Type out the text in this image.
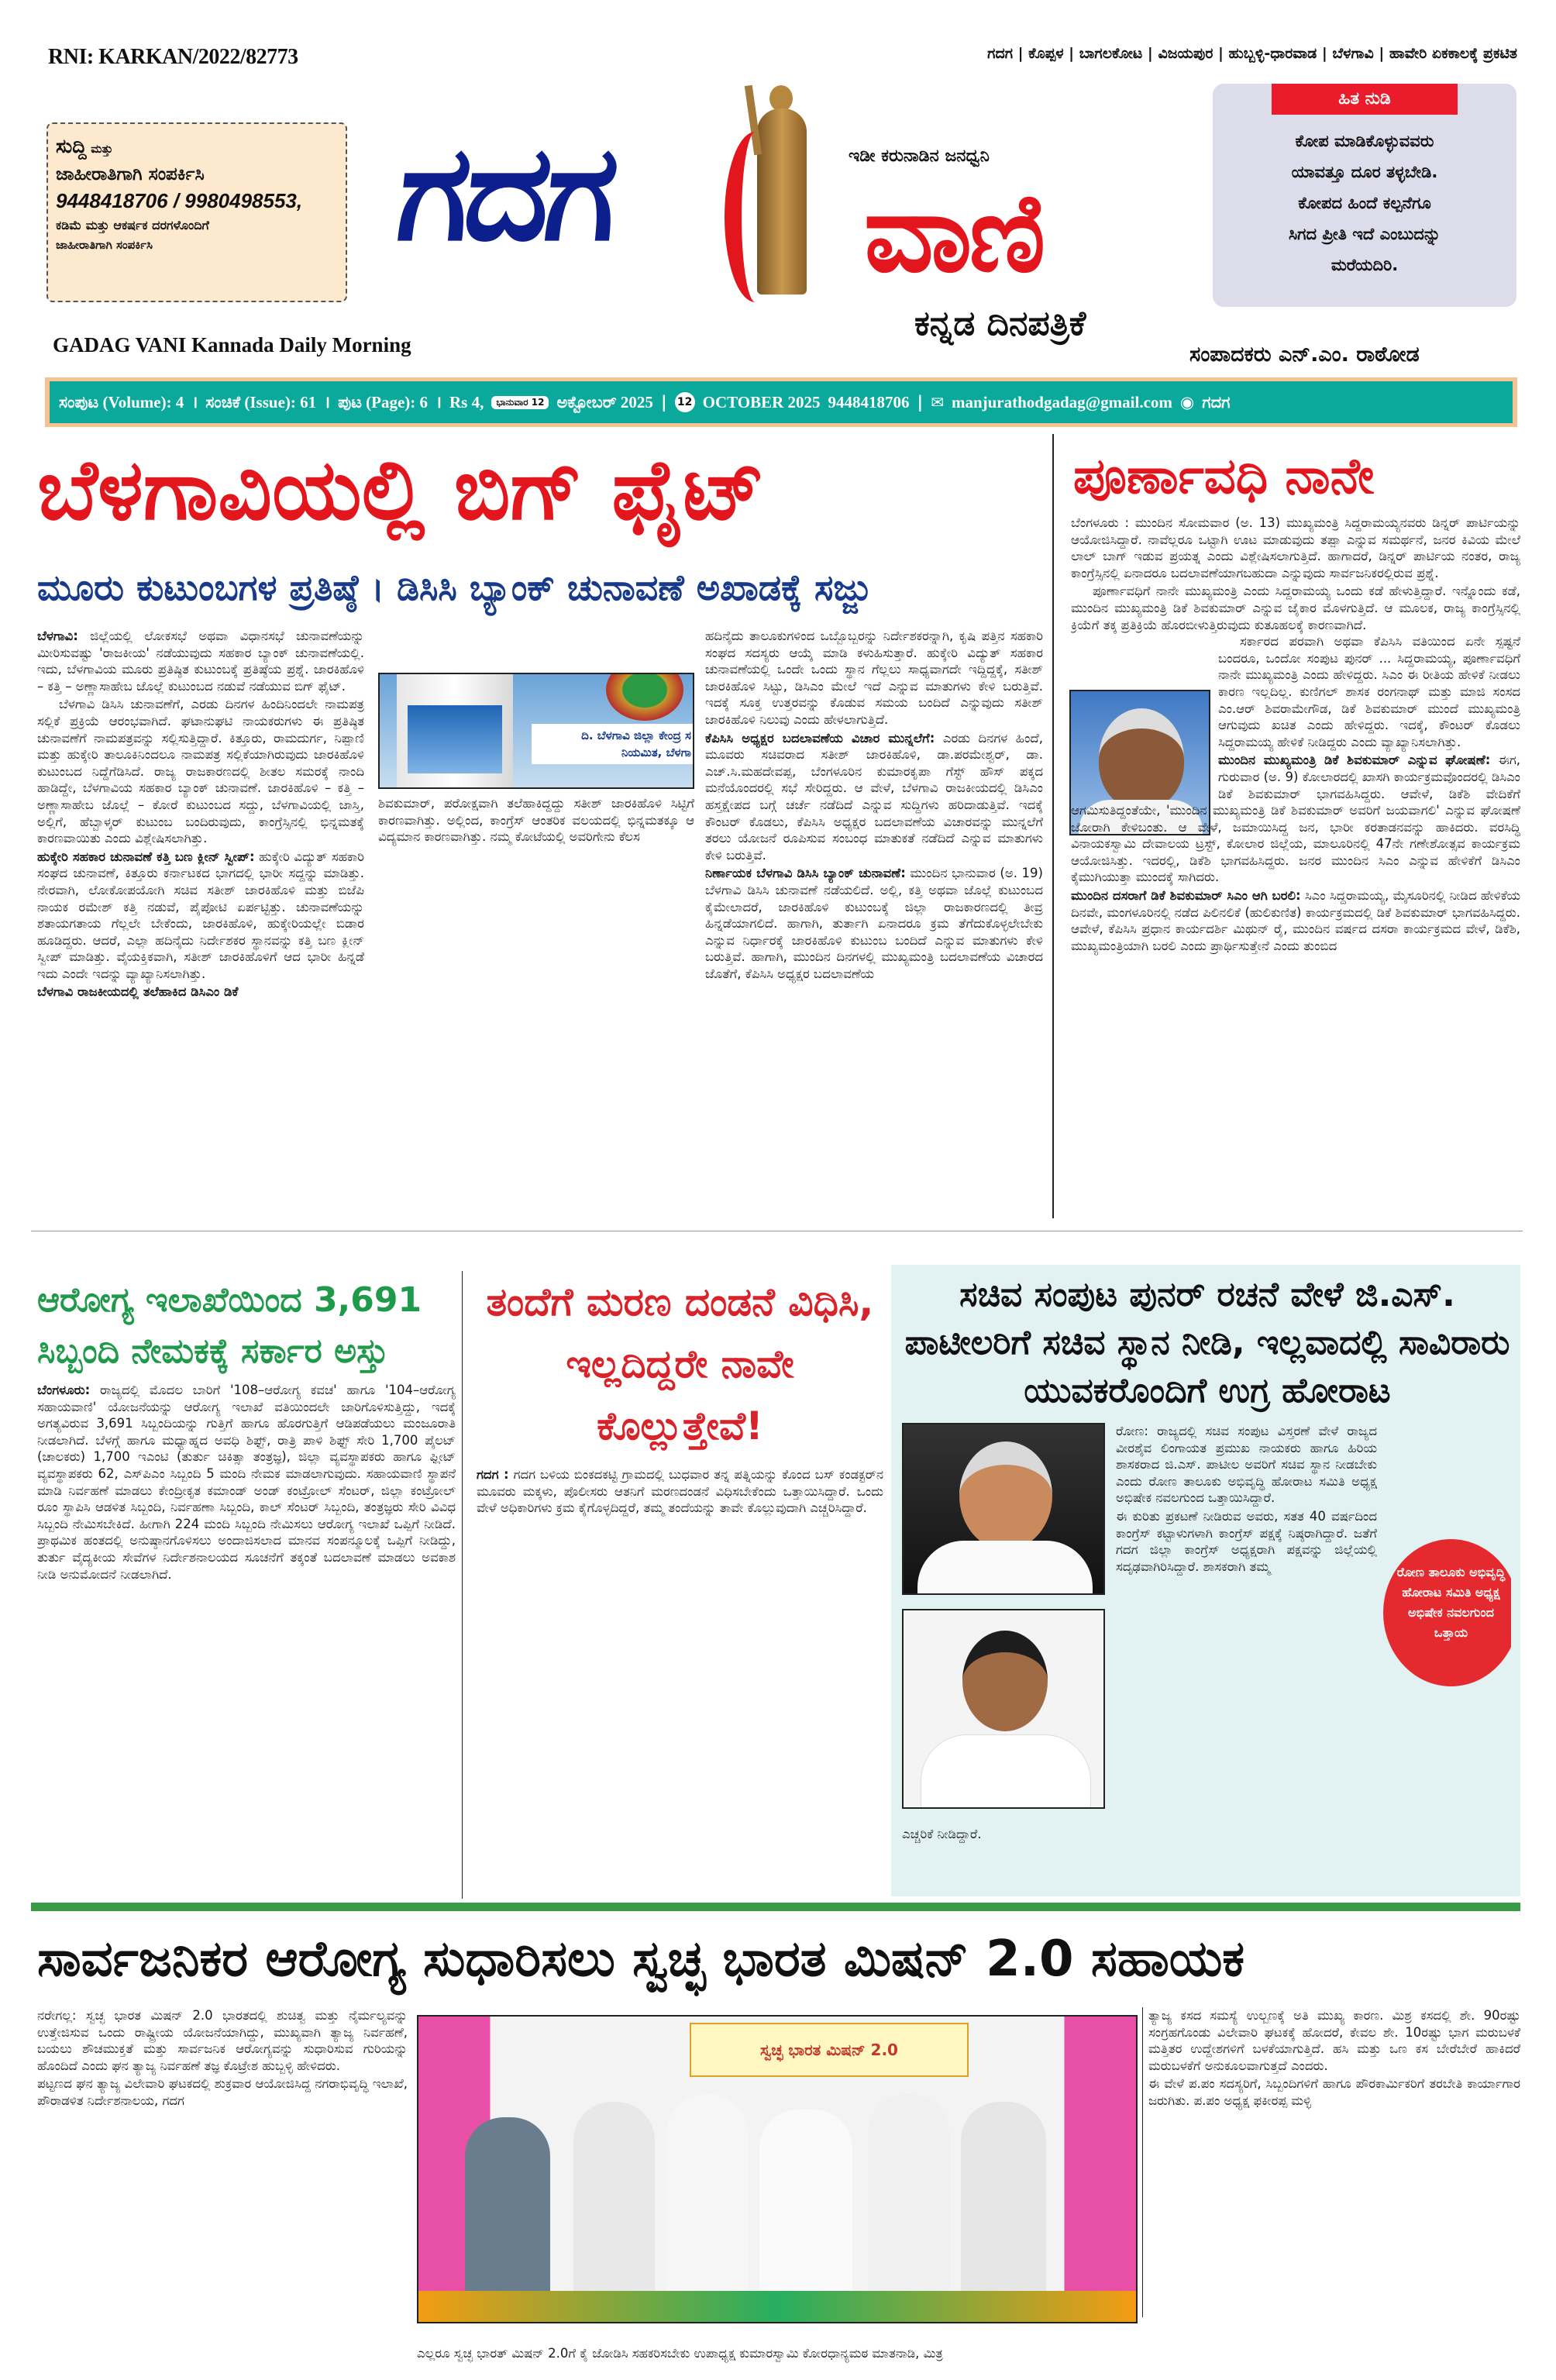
RNI: KARKAN/2022/82773	ಗದಗ | ಕೊಪ್ಪಳ | ಬಾಗಲಕೋಟ | ವಿಜಯಪುರ | ಹುಬ್ಬಳ್ಳಿ-ಧಾರವಾಡ | ಬೆಳಗಾವಿ | ಹಾವೇರಿ ಏಕಕಾಲಕ್ಕೆ ಪ್ರಕಟಿತ
ಸುದ್ದಿ ಮತ್ತು
ಜಾಹೀರಾತಿಗಾಗಿ ಸಂಪರ್ಕಿಸಿ
9448418706 / 9980498553,
ಕಡಿಮೆ ಮತ್ತು ಆಕರ್ಷಕ ದರಗಳೊಂದಿಗೆ
ಜಾಹೀರಾತಿಗಾಗಿ ಸಂಪರ್ಕಿಸಿ	ಗದಗ	ಇಡೀ ಕರುನಾಡಿನ ಜನಧ್ವನಿ
ವಾಣಿ
ಕನ್ನಡ ದಿನಪತ್ರಿಕೆ
ಹಿತ ನುಡಿ
ಕೋಪ ಮಾಡಿಕೊಳ್ಳುವವರು
ಯಾವತ್ತೂ ದೂರ ತಳ್ಳಬೇಡಿ.
ಕೋಪದ ಹಿಂದೆ ಕಲ್ಪನೆಗೂ
ಸಿಗದ ಪ್ರೀತಿ ಇದೆ ಎಂಬುದನ್ನು
ಮರೆಯದಿರಿ.
GADAG VANI Kannada Daily Morning	ಸಂಪಾದಕರು ಎನ್.ಎಂ. ರಾಠೋಡ
ಸಂಪುಟ (Volume): 4 । ಸಂಚಿಕೆ (Issue): 61 । ಪುಟ (Page): 6 । Rs 4,	ಭಾನುವಾರ 12 ಅಕ್ಟೋಬರ್ 2025 | 12 OCTOBER 2025 9448418706 | ✉ manjurathodgadag@gmail.com ◉ ಗದಗ
ಬೆಳಗಾವಿಯಲ್ಲಿ ಬಿಗ್ ಫೈಟ್
ಮೂರು ಕುಟುಂಬಗಳ ಪ್ರತಿಷ್ಠೆ । ಡಿಸಿಸಿ ಬ್ಯಾಂಕ್ ಚುನಾವಣೆ ಅಖಾಡಕ್ಕೆ ಸಜ್ಜು

ಬೆಳಗಾವಿ: ಜಿಲ್ಲೆಯಲ್ಲಿ ಲೋಕಸಭೆ ಅಥವಾ ವಿಧಾನಸಭೆ ಚುನಾವಣೆಯನ್ನು ಮೀರಿಸುವಷ್ಟು 'ರಾಜಕೀಯ' ನಡೆಯುವುದು ಸಹಕಾರ ಬ್ಯಾಂಕ್ ಚುನಾವಣೆಯಲ್ಲಿ. ಇದು, ಬೆಳಗಾವಿಯ ಮೂರು ಪ್ರತಿಷ್ಠಿತ ಕುಟುಂಬಕ್ಕೆ ಪ್ರತಿಷ್ಠೆಯ ಪ್ರಶ್ನೆ. ಜಾರಕಿಹೊಳಿ – ಕತ್ತಿ – ಅಣ್ಣಾಸಾಹೇಬ ಜೊಲ್ಲೆ ಕುಟುಂಬದ ನಡುವೆ ನಡೆಯುವ ಬಿಗ್ ಫೈಟ್.

ಬೆಳಗಾವಿ ಡಿಸಿಸಿ ಚುನಾವಣೆಗೆ, ಎರಡು ದಿನಗಳ ಹಿಂದಿನಿಂದಲೇ ನಾಮಪತ್ರ ಸಲ್ಲಿಕೆ ಪ್ರಕ್ರಿಯೆ ಆರಂಭವಾಗಿದೆ. ಘಟಾನುಘಟಿ ನಾಯಕರುಗಳು ಈ ಪ್ರತಿಷ್ಠಿತ ಚುನಾವಣೆಗೆ ನಾಮಪತ್ರವನ್ನು ಸಲ್ಲಿಸುತ್ತಿದ್ದಾರೆ. ಕಿತ್ತೂರು, ರಾಮದುರ್ಗ, ನಿಪ್ಪಾಣಿ ಮತ್ತು ಹುಕ್ಕೇರಿ ತಾಲೂಕಿನಿಂದಲೂ ನಾಮಪತ್ರ ಸಲ್ಲಿಕೆಯಾಗಿರುವುದು ಜಾರಕಿಹೊಳಿ ಕುಟುಂಬದ ನಿದ್ದೆಗೆಡಿಸಿದೆ. ರಾಜ್ಯ ರಾಜಕಾರಣದಲ್ಲಿ ಶೀತಲ ಸಮರಕ್ಕೆ ನಾಂದಿ ಹಾಡಿದ್ದೇ, ಬೆಳಗಾವಿಯ ಸಹಕಾರ ಬ್ಯಾಂಕ್ ಚುನಾವಣೆ. ಜಾರಕಿಹೊಳಿ – ಕತ್ತಿ – ಅಣ್ಣಾಸಾಹೇಬ ಜೊಲ್ಲೆ – ಕೋರೆ ಕುಟುಂಬದ ಸದ್ದು, ಬೆಳಗಾವಿಯಲ್ಲಿ ಜಾಸ್ತಿ, ಅಲ್ಲಿಗೆ, ಹೆಬ್ಬಾಳ್ಕರ್ ಕುಟುಂಬ ಬಂದಿರುವುದು, ಕಾಂಗ್ರೆಸ್ಸಿನಲ್ಲಿ ಭಿನ್ನಮತಕ್ಕೆ ಕಾರಣವಾಯಿತು ಎಂದು ವಿಶ್ಲೇಷಿಸಲಾಗಿತ್ತು.

ಹುಕ್ಕೇರಿ ಸಹಕಾರ ಚುನಾವಣೆ ಕತ್ತಿ ಬಣ ಕ್ಲೀನ್ ಸ್ವೀಪ್: ಹುಕ್ಕೇರಿ ವಿದ್ಯುತ್ ಸಹಕಾರಿ ಸಂಘದ ಚುನಾವಣೆ, ಕಿತ್ತೂರು ಕರ್ನಾಟಕದ ಭಾಗದಲ್ಲಿ ಭಾರೀ ಸದ್ದನ್ನು ಮಾಡಿತ್ತು. ನೇರವಾಗಿ, ಲೋಕೋಪಯೋಗಿ ಸಚಿವ ಸತೀಶ್ ಜಾರಕಿಹೊಳಿ ಮತ್ತು ಬಿಜೆಪಿ ನಾಯಕ ರಮೇಶ್ ಕತ್ತಿ ನಡುವೆ, ಪೈಪೋಟಿ ಏರ್ಪಟ್ಟಿತ್ತು. ಚುನಾವಣೆಯನ್ನು ಶತಾಯಗತಾಯ ಗೆಲ್ಲಲೇ ಬೇಕೆಂದು, ಜಾರಕಿಹೊಳಿ, ಹುಕ್ಕೇರಿಯಲ್ಲೇ ಬಿಡಾರ ಹೂಡಿದ್ದರು. ಆದರೆ, ಎಲ್ಲಾ ಹದಿನೈದು ನಿರ್ದೇಶಕರ ಸ್ಥಾನವನ್ನು ಕತ್ತಿ ಬಣ ಕ್ಲೀನ್ ಸ್ವೀಪ್ ಮಾಡಿತ್ತು. ವೈಯಕ್ತಿಕವಾಗಿ, ಸತೀಶ್ ಜಾರಕಿಹೊಳಿಗೆ ಆದ ಭಾರೀ ಹಿನ್ನಡೆ ಇದು ಎಂದೇ ಇದನ್ನು ವ್ಯಾಖ್ಯಾನಿಸಲಾಗಿತ್ತು.

ಬೆಳಗಾವಿ ರಾಜಕೀಯದಲ್ಲಿ ತಲೆಹಾಕಿದ ಡಿಸಿಎಂ ಡಿಕೆ

ದಿ. ಬೆಳಗಾವಿ ಜಿಲ್ಲಾ ಕೇಂದ್ರ ಸ
ನಿಯಮಿತ, ಬೆಳಗಾ

ಶಿವಕುಮಾರ್, ಪರೋಕ್ಷವಾಗಿ ತಲೆಹಾಕಿದ್ದದ್ದು ಸತೀಶ್ ಜಾರಕಿಹೊಳಿ ಸಿಟ್ಟಿಗೆ ಕಾರಣವಾಗಿತ್ತು. ಅಲ್ಲಿಂದ, ಕಾಂಗ್ರೆಸ್ ಆಂತರಿಕ ವಲಯದಲ್ಲಿ ಭಿನ್ನಮತಕ್ಕೂ ಆ ವಿದ್ಯಮಾನ ಕಾರಣವಾಗಿತ್ತು. ನಮ್ಮ ಕೋಟೆಯಲ್ಲಿ ಅವರಿಗೇನು ಕೆಲಸ

ಹದಿನೈದು ತಾಲೂಕುಗಳಿಂದ ಒಬ್ಬೊಬ್ಬರನ್ನು ನಿರ್ದೇಶಕರನ್ನಾಗಿ, ಕೃಷಿ ಪತ್ತಿನ ಸಹಕಾರಿ ಸಂಘದ ಸದಸ್ಯರು ಆಯ್ಕೆ ಮಾಡಿ ಕಳುಹಿಸುತ್ತಾರೆ. ಹುಕ್ಕೇರಿ ವಿದ್ಯುತ್ ಸಹಕಾರ ಚುನಾವಣೆಯಲ್ಲಿ ಒಂದೇ ಒಂದು ಸ್ಥಾನ ಗೆಲ್ಲಲು ಸಾಧ್ಯವಾಗದೇ ಇದ್ದಿದ್ದಕ್ಕೆ, ಸತೀಶ್ ಜಾರಕಿಹೊಳಿ ಸಿಟ್ಟು, ಡಿಸಿಎಂ ಮೇಲೆ ಇದೆ ಎನ್ನುವ ಮಾತುಗಳು ಕೇಳಿ ಬರುತ್ತಿವೆ. ಇದಕ್ಕೆ ಸೂಕ್ತ ಉತ್ತರವನ್ನು ಕೊಡುವ ಸಮಯ ಬಂದಿದೆ ಎನ್ನುವುದು ಸತೀಶ್ ಜಾರಕಿಹೊಳಿ ನಿಲುವು ಎಂದು ಹೇಳಲಾಗುತ್ತಿದೆ.

ಕೆಪಿಸಿಸಿ ಅಧ್ಯಕ್ಷರ ಬದಲಾವಣೆಯ ವಿಚಾರ ಮುನ್ನಲೆಗೆ: ಎರಡು ದಿನಗಳ ಹಿಂದೆ, ಮೂವರು ಸಚಿವರಾದ ಸತೀಶ್ ಜಾರಕಿಹೊಳಿ, ಡಾ.ಪರಮೇಶ್ವರ್, ಡಾ. ಎಚ್.ಸಿ.ಮಹದೇವಪ್ಪ, ಬೆಂಗಳೂರಿನ ಕುಮಾರಕೃಪಾ ಗೆಸ್ಟ್ ಹೌಸ್ ಪಕ್ಕದ ಮನೆಯೊಂದರಲ್ಲಿ ಸಭೆ ಸೇರಿದ್ದರು. ಆ ವೇಳೆ, ಬೆಳಗಾವಿ ರಾಜಕೀಯದಲ್ಲಿ ಡಿಸಿಎಂ ಹಸ್ತಕ್ಷೇಪದ ಬಗ್ಗೆ ಚರ್ಚೆ ನಡೆದಿದೆ ಎನ್ನುವ ಸುದ್ದಿಗಳು ಹರಿದಾಡುತ್ತಿವೆ. ಇದಕ್ಕೆ ಕೌಂಟರ್ ಕೊಡಲು, ಕೆಪಿಸಿಸಿ ಅಧ್ಯಕ್ಷರ ಬದಲಾವಣೆಯ ವಿಚಾರವನ್ನು ಮುನ್ನಲೆಗೆ ತರಲು ಯೋಜನೆ ರೂಪಿಸುವ ಸಂಬಂಧ ಮಾತುಕತೆ ನಡೆದಿದೆ ಎನ್ನುವ ಮಾತುಗಳು ಕೇಳಿ ಬರುತ್ತಿವೆ.

ನಿರ್ಣಾಯಕ ಬೆಳಗಾವಿ ಡಿಸಿಸಿ ಬ್ಯಾಂಕ್ ಚುನಾವಣೆ: ಮುಂದಿನ ಭಾನುವಾರ (ಅ. 19) ಬೆಳಗಾವಿ ಡಿಸಿಸಿ ಚುನಾವಣೆ ನಡೆಯಲಿದೆ. ಅಲ್ಲಿ, ಕತ್ತಿ ಅಥವಾ ಜೊಲ್ಲೆ ಕುಟುಂಬದ ಕೈಮೇಲಾದರೆ, ಜಾರಕಿಹೊಳಿ ಕುಟುಂಬಕ್ಕೆ ಜಿಲ್ಲಾ ರಾಜಕಾರಣದಲ್ಲಿ ತೀವ್ರ ಹಿನ್ನಡೆಯಾಗಲಿದೆ. ಹಾಗಾಗಿ, ತುರ್ತಾಗಿ ಏನಾದರೂ ಕ್ರಮ ತೆಗೆದುಕೊಳ್ಳಲೇಬೇಕು ಎನ್ನುವ ನಿರ್ಧಾರಕ್ಕೆ ಜಾರಕಿಹೊಳಿ ಕುಟುಂಬ ಬಂದಿದೆ ಎನ್ನುವ ಮಾತುಗಳು ಕೇಳಿ ಬರುತ್ತಿವೆ. ಹಾಗಾಗಿ, ಮುಂದಿನ ದಿನಗಳಲ್ಲಿ ಮುಖ್ಯಮಂತ್ರಿ ಬದಲಾವಣೆಯ ವಿಚಾರದ ಜೊತೆಗೆ, ಕೆಪಿಸಿಸಿ ಅಧ್ಯಕ್ಷರ ಬದಲಾವಣೆಯ

ಪೂರ್ಣಾವಧಿ ನಾನೇ

ಬೆಂಗಳೂರು : ಮುಂದಿನ ಸೋಮವಾರ (ಅ. 13) ಮುಖ್ಯಮಂತ್ರಿ ಸಿದ್ದರಾಮಯ್ಯನವರು ಡಿನ್ನರ್ ಪಾರ್ಟಿಯನ್ನು ಆಯೋಜಿಸಿದ್ದಾರೆ. ನಾವೆಲ್ಲರೂ ಒಟ್ಟಾಗಿ ಊಟ ಮಾಡುವುದು ತಪ್ಪಾ ಎನ್ನುವ ಸಮರ್ಥನೆ, ಜನರ ಕಿವಿಯ ಮೇಲೆ ಲಾಲ್ ಬಾಗ್ ಇಡುವ ಪ್ರಯತ್ನ ಎಂದು ವಿಶ್ಲೇಷಿಸಲಾಗುತ್ತಿದೆ. ಹಾಗಾದರೆ, ಡಿನ್ನರ್ ಪಾರ್ಟಿಯ ನಂತರ, ರಾಜ್ಯ ಕಾಂಗ್ರೆಸ್ಸಿನಲ್ಲಿ ಏನಾದರೂ ಬದಲಾವಣೆಯಾಗಬಹುದಾ ಎನ್ನುವುದು ಸಾರ್ವಜನಿಕರಲ್ಲಿರುವ ಪ್ರಶ್ನೆ.

ಪೂರ್ಣಾವಧಿಗೆ ನಾನೇ ಮುಖ್ಯಮಂತ್ರಿ ಎಂದು ಸಿದ್ದರಾಮಯ್ಯ ಒಂದು ಕಡೆ ಹೇಳುತ್ತಿದ್ದಾರೆ. ಇನ್ನೊಂದು ಕಡೆ, ಮುಂದಿನ ಮುಖ್ಯಮಂತ್ರಿ ಡಿಕೆ ಶಿವಕುಮಾರ್ ಎನ್ನುವ ಜೈಕಾರ ಮೊಳಗುತ್ತಿದೆ. ಆ ಮೂಲಕ, ರಾಜ್ಯ ಕಾಂಗ್ರೆಸ್ಸಿನಲ್ಲಿ ಕ್ರಿಯೆಗೆ ತಕ್ಕ ಪ್ರತಿಕ್ರಿಯೆ ಹೊರಬೀಳುತ್ತಿರುವುದು ಕುತೂಹಲಕ್ಕೆ ಕಾರಣವಾಗಿದೆ.

ಸರ್ಕಾರದ ಪರವಾಗಿ ಅಥವಾ ಕೆಪಿಸಿಸಿ ವತಿಯಿಂದ ಏನೇ ಸ್ಪಷ್ಟನೆ ಬಂದರೂ, ಒಂದೋ ಸಂಪುಟ ಪುನರ್ ... ಸಿದ್ದರಾಮಯ್ಯ, ಪೂರ್ಣಾವಧಿಗೆ ನಾನೇ ಮುಖ್ಯಮಂತ್ರಿ ಎಂದು ಹೇಳಿದ್ದರು. ಸಿಎಂ ಈ ರೀತಿಯ ಹೇಳಿಕೆ ನೀಡಲು ಕಾರಣ ಇಲ್ಲದಿಲ್ಲ. ಕುಣಿಗಲ್ ಶಾಸಕ ರಂಗನಾಥ್ ಮತ್ತು ಮಾಜಿ ಸಂಸದ ಎಂ.ಆರ್ ಶಿವರಾಮೇಗೌಡ, ಡಿಕೆ ಶಿವಕುಮಾರ್ ಮುಂದೆ ಮುಖ್ಯಮಂತ್ರಿ ಆಗುವುದು ಖಚಿತ ಎಂದು ಹೇಳಿದ್ದರು. ಇದಕ್ಕೆ, ಕೌಂಟರ್ ಕೊಡಲು ಸಿದ್ದರಾಮಯ್ಯ ಹೇಳಿಕೆ ನೀಡಿದ್ದರು ಎಂದು ವ್ಯಾಖ್ಯಾನಿಸಲಾಗಿತ್ತು.

ಮುಂದಿನ ಮುಖ್ಯಮಂತ್ರಿ ಡಿಕೆ ಶಿವಕುಮಾರ್ ಎನ್ನುವ ಘೋಷಣೆ: ಈಗ, ಗುರುವಾರ (ಅ. 9) ಕೋಲಾರದಲ್ಲಿ ಖಾಸಗಿ ಕಾರ್ಯಕ್ರಮವೊಂದರಲ್ಲಿ ಡಿಸಿಎಂ ಡಿಕೆ ಶಿವಕುಮಾರ್ ಭಾಗವಹಿಸಿದ್ದರು. ಆವೇಳೆ, ಡಿಕೆಶಿ ವೇದಿಕೆಗೆ ಆಗಮಿಸುತಿದ್ದಂತೆಯೇ, 'ಮುಂದಿನ ಮುಖ್ಯಮಂತ್ರಿ ಡಿಕೆ ಶಿವಕುಮಾರ್ ಅವರಿಗೆ ಜಯವಾಗಲಿ' ಎನ್ನುವ ಘೋಷಣೆ ಜೋರಾಗಿ ಕೇಳಿಬಂತು. ಆ ವೇಳೆ, ಜಮಾಯಿಸಿದ್ದ ಜನ, ಭಾರೀ ಕರತಾಡನವನ್ನು ಹಾಕಿದರು. ವರಸಿದ್ಧಿ ವಿನಾಯಕಸ್ವಾಮಿ ದೇವಾಲಯ ಟ್ರಸ್ಟ್, ಕೋಲಾರ ಜಿಲ್ಲೆಯ, ಮಾಲೂರಿನಲ್ಲಿ 47ನೇ ಗಣೇಶೋತ್ಸವ ಕಾರ್ಯಕ್ರಮ ಆಯೋಜಿಸಿತ್ತು. ಇದರಲ್ಲಿ, ಡಿಕೆಶಿ ಭಾಗವಹಿಸಿದ್ದರು. ಜನರ ಮುಂದಿನ ಸಿಎಂ ಎನ್ನುವ ಹೇಳಿಕೆಗೆ ಡಿಸಿಎಂ ಕೈಮುಗಿಯುತ್ತಾ ಮುಂದಕ್ಕೆ ಸಾಗಿದರು.

ಮುಂದಿನ ದಸರಾಗೆ ಡಿಕೆ ಶಿವಕುಮಾರ್ ಸಿಎಂ ಆಗಿ ಬರಲಿ: ಸಿಎಂ ಸಿದ್ದರಾಮಯ್ಯ, ಮೈಸೂರಿನಲ್ಲಿ ನೀಡಿದ ಹೇಳಿಕೆಯ ದಿನವೇ, ಮಂಗಳೂರಿನಲ್ಲಿ ನಡೆದ ಪಿಲಿನಲಿಕೆ (ಹುಲಿಕುಣಿತ) ಕಾರ್ಯಕ್ರಮದಲ್ಲಿ ಡಿಕೆ ಶಿವಕುಮಾರ್ ಭಾಗವಹಿಸಿದ್ದರು. ಆವೇಳೆ, ಕೆಪಿಸಿಸಿ ಪ್ರಧಾನ ಕಾರ್ಯದರ್ಶಿ ಮಿಥುನ್ ರೈ, ಮುಂದಿನ ವರ್ಷದ ದಸರಾ ಕಾರ್ಯಕ್ರಮದ ವೇಳೆ, ಡಿಕೆಶಿ, ಮುಖ್ಯಮಂತ್ರಿಯಾಗಿ ಬರಲಿ ಎಂದು ಪ್ರಾರ್ಥಿಸುತ್ತೇನೆ ಎಂದು ತುಂಬಿದ

ಆರೋಗ್ಯ ಇಲಾಖೆಯಿಂದ 3,691 ಸಿಬ್ಬಂದಿ ನೇಮಕಕ್ಕೆ ಸರ್ಕಾರ ಅಸ್ತು

ಬೆಂಗಳೂರು: ರಾಜ್ಯದಲ್ಲಿ ಮೊದಲ ಬಾರಿಗೆ '108–ಆರೋಗ್ಯ ಕವಚ' ಹಾಗೂ '104–ಆರೋಗ್ಯ ಸಹಾಯವಾಣಿ' ಯೋಜನೆಯನ್ನು ಆರೋಗ್ಯ ಇಲಾಖೆ ವತಿಯಿಂದಲೇ ಜಾರಿಗೊಳಿಸುತ್ತಿದ್ದು, ಇದಕ್ಕೆ ಅಗತ್ಯವಿರುವ 3,691 ಸಿಬ್ಬಂದಿಯನ್ನು ಗುತ್ತಿಗೆ ಹಾಗೂ ಹೊರಗುತ್ತಿಗೆ ಆಡಿಪಡೆಯಲು ಮಂಜೂರಾತಿ ನೀಡಲಾಗಿದೆ. ಬೆಳಗ್ಗೆ ಹಾಗೂ ಮಧ್ಯಾಹ್ನದ ಅವಧಿ ಶಿಫ್ಟ್, ರಾತ್ರಿ ಪಾಳಿ ಶಿಫ್ಟ್ ಸೇರಿ 1,700 ಪೈಲಟ್ (ಚಾಲಕರು) 1,700 ಇಎಂಟಿ (ತುರ್ತು ಚಿಕಿತ್ಸಾ ತಂತ್ರಜ್ಞ), ಜಿಲ್ಲಾ ವ್ಯವಸ್ಥಾಪಕರು ಹಾಗೂ ಫ್ಲೀಟ್ ವ್ಯವಸ್ಥಾಪಕರು 62, ಎಸ್‌ಪಿಎಂ ಸಿಬ್ಬಂದಿ 5 ಮಂದಿ ನೇಮಕ ಮಾಡಲಾಗುವುದು. ಸಹಾಯವಾಣಿ ಸ್ಥಾಪನೆ ಮಾಡಿ ನಿರ್ವಹಣೆ ಮಾಡಲು ಕೇಂದ್ರೀಕೃತ ಕಮಾಂಡ್ ಅಂಡ್ ಕಂಟ್ರೋಲ್ ಸೆಂಟರ್, ಜಿಲ್ಲಾ ಕಂಟ್ರೋಲ್ ರೂಂ ಸ್ಥಾಪಿಸಿ ಆಡಳಿತ ಸಿಬ್ಬಂದಿ, ನಿರ್ವಹಣಾ ಸಿಬ್ಬಂದಿ, ಕಾಲ್ ಸೆಂಟರ್ ಸಿಬ್ಬಂದಿ, ತಂತ್ರಜ್ಞರು ಸೇರಿ ವಿವಿಧ ಸಿಬ್ಬಂದಿ ನೇಮಿಸಬೇಕಿದೆ. ಹೀಗಾಗಿ 224 ಮಂದಿ ಸಿಬ್ಬಂದಿ ನೇಮಿಸಲು ಆರೋಗ್ಯ ಇಲಾಖೆ ಒಪ್ಪಿಗೆ ನೀಡಿದೆ. ಪ್ರಾಥಮಿಕ ಹಂತದಲ್ಲಿ ಅನುಷ್ಠಾನಗೊಳಿಸಲು ಅಂದಾಜಿಸಲಾದ ಮಾನವ ಸಂಪನ್ಮೂಲಕ್ಕೆ ಒಪ್ಪಿಗೆ ನೀಡಿದ್ದು, ತುರ್ತು ವೈದ್ಯಕೀಯ ಸೇವೆಗಳ ನಿರ್ದೇಶನಾಲಯದ ಸೂಚನೆಗೆ ತಕ್ಕಂತೆ ಬದಲಾವಣೆ ಮಾಡಲು ಅವಕಾಶ ನೀಡಿ ಅನುಮೋದನೆ ನೀಡಲಾಗಿದೆ.

ತಂದೆಗೆ ಮರಣ ದಂಡನೆ ವಿಧಿಸಿ, ಇಲ್ಲದಿದ್ದರೇ ನಾವೇ ಕೊಲ್ಲುತ್ತೇವೆ!

ಗದಗ : ಗದಗ ಬಳಿಯ ಬಿಂಕದಕಟ್ಟಿ ಗ್ರಾಮದಲ್ಲಿ ಬುಧವಾರ ತನ್ನ ಪತ್ನಿಯನ್ನು ಕೊಂದ ಬಸ್ ಕಂಡಕ್ಟರ್‌ನ ಮೂವರು ಮಕ್ಕಳು, ಪೊಲೀಸರು ಆತನಿಗೆ ಮರಣದಂಡನೆ ವಿಧಿಸಬೇಕೆಂದು ಒತ್ತಾಯಿಸಿದ್ದಾರೆ. ಒಂದು ವೇಳೆ ಅಧಿಕಾರಿಗಳು ಕ್ರಮ ಕೈಗೊಳ್ಳದಿದ್ದರೆ, ತಮ್ಮ ತಂದೆಯನ್ನು ತಾವೇ ಕೊಲ್ಲುವುದಾಗಿ ಎಚ್ಚರಿಸಿದ್ದಾರೆ.

ಸಚಿವ ಸಂಪುಟ ಪುನರ್ ರಚನೆ ವೇಳೆ ಜಿ.ಎಸ್. ಪಾಟೀಲರಿಗೆ ಸಚಿವ ಸ್ಥಾನ ನೀಡಿ, ಇಲ್ಲವಾದಲ್ಲಿ ಸಾವಿರಾರು ಯುವಕರೊಂದಿಗೆ ಉಗ್ರ ಹೋರಾಟ
ರೋಣ ತಾಲೂಕು ಅಭಿವೃದ್ಧಿ ಹೋರಾಟ ಸಮಿತಿ ಅಧ್ಯಕ್ಷ ಅಭಿಷೇಕ ನವಲಗುಂದ ಒತ್ತಾಯ

ರೋಣ: ರಾಜ್ಯದಲ್ಲಿ ಸಚಿವ ಸಂಪುಟ ವಿಸ್ತರಣೆ ವೇಳೆ ರಾಜ್ಯದ ವೀರಶೈವ ಲಿಂಗಾಯತ ಪ್ರಮುಖ ನಾಯಕರು ಹಾಗೂ ಹಿರಿಯ ಶಾಸಕರಾದ ಜಿ.ಎಸ್. ಪಾಟೀಲ ಅವರಿಗೆ ಸಚಿವ ಸ್ಥಾನ ನೀಡಬೇಕು ಎಂದು ರೋಣ ತಾಲೂಕು ಅಭಿವೃದ್ಧಿ ಹೋರಾಟ ಸಮಿತಿ ಅಧ್ಯಕ್ಷ ಅಭಿಷೇಕ ನವಲಗುಂದ ಒತ್ತಾಯಿಸಿದ್ದಾರೆ.

ಈ ಕುರಿತು ಪ್ರಕಟಣೆ ನೀಡಿರುವ ಅವರು, ಸತತ 40 ವರ್ಷದಿಂದ ಕಾಂಗ್ರೆಸ್ ಕಟ್ಟಾಳುಗಳಾಗಿ ಕಾಂಗ್ರೆಸ್ ಪಕ್ಷಕ್ಕೆ ನಿಷ್ಠರಾಗಿದ್ದಾರೆ. ಜತೆಗೆ ಗದಗ ಜಿಲ್ಲಾ ಕಾಂಗ್ರೆಸ್ ಅಧ್ಯಕ್ಷರಾಗಿ ಪಕ್ಷವನ್ನು ಜಿಲ್ಲೆಯಲ್ಲಿ ಸದೃಢವಾಗಿರಿಸಿದ್ದಾರೆ. ಶಾಸಕರಾಗಿ ತಮ್ಮ

ಎಚ್ಚರಿಕೆ ನೀಡಿದ್ದಾರೆ.
ಸಾರ್ವಜನಿಕರ ಆರೋಗ್ಯ ಸುಧಾರಿಸಲು ಸ್ವಚ್ಛ ಭಾರತ ಮಿಷನ್ 2.0 ಸಹಾಯಕ

ನರೇಗಲ್ಲ: ಸ್ವಚ್ಛ ಭಾರತ ಮಿಷನ್ 2.0 ಭಾರತದಲ್ಲಿ ಶುಚಿತ್ವ ಮತ್ತು ನೈರ್ಮಲ್ಯವನ್ನು ಉತ್ತೇಜಿಸುವ ಒಂದು ರಾಷ್ಟ್ರೀಯ ಯೋಜನೆಯಾಗಿದ್ದು, ಮುಖ್ಯವಾಗಿ ತ್ಯಾಜ್ಯ ನಿರ್ವಹಣೆ, ಬಯಲು ಶೌಚಮುಕ್ತತೆ ಮತ್ತು ಸಾರ್ವಜನಿಕ ಆರೋಗ್ಯವನ್ನು ಸುಧಾರಿಸುವ ಗುರಿಯನ್ನು ಹೊಂದಿದೆ ಎಂದು ಘನ ತ್ಯಾಜ್ಯ ನಿರ್ವಹಣೆ ತಜ್ಞ ಕೊಟ್ರೇಶ ಹುಬ್ಬಳ್ಳಿ ಹೇಳಿದರು.

ಪಟ್ಟಣದ ಘನ ತ್ಯಾಜ್ಯ ವಿಲೇವಾರಿ ಘಟಕದಲ್ಲಿ ಶುಕ್ರವಾರ ಆಯೋಜಿಸಿದ್ದ ನಗರಾಭಿವೃದ್ಧಿ ಇಲಾಖೆ, ಪೌರಾಡಳಿತ ನಿರ್ದೇಶನಾಲಯ, ಗದಗ

ಸ್ವಚ್ಛ ಭಾರತ ಮಿಷನ್ 2.0
ಎಲ್ಲರೂ ಸ್ವಚ್ಛ ಭಾರತ್ ಮಿಷನ್ 2.0ಗೆ ಕೈ ಜೋಡಿಸಿ ಸಹಕರಿಸಬೇಕು ಉಪಾಧ್ಯಕ್ಷ ಕುಮಾರಸ್ವಾಮಿ ಕೋರಧಾನ್ಯಮಠ ಮಾತನಾಡಿ, ಮಿತ್ರ

ತ್ಯಾಜ್ಯ ಕಸದ ಸಮಸ್ಯೆ ಉಲ್ಬಣಕ್ಕೆ ಅತಿ ಮುಖ್ಯ ಕಾರಣ. ಮಿಶ್ರ ಕಸದಲ್ಲಿ ಶೇ. 90ರಷ್ಟು ಸಂಗ್ರಹಗೊಂಡು ವಿಲೇವಾರಿ ಘಟಕಕ್ಕೆ ಹೋದರೆ, ಕೇವಲ ಶೇ. 10ರಷ್ಟು ಭಾಗ ಮರುಬಳಕೆ ಮತ್ತಿತರ ಉದ್ದೇಶಗಳಿಗೆ ಬಳಕೆಯಾಗುತ್ತಿದೆ. ಹಸಿ ಮತ್ತು ಒಣ ಕಸ ಬೇರೆಬೇರೆ ಹಾಕಿದರೆ ಮರುಬಳಕೆಗೆ ಅನುಕೂಲವಾಗುತ್ತದೆ ಎಂದರು.

ಈ ವೇಳೆ ಪ.ಪಂ ಸದಸ್ಯರಿಗೆ, ಸಿಬ್ಬಂದಿಗಳಿಗೆ ಹಾಗೂ ಪೌರಕಾರ್ಮಿಕರಿಗೆ ತರಬೇತಿ ಕಾರ್ಯಾಗಾರ ಜರುಗಿತು. ಪ.ಪಂ ಅಧ್ಯಕ್ಷ ಫಕೀರಪ್ಪ ಮಳ್ಳಿ
